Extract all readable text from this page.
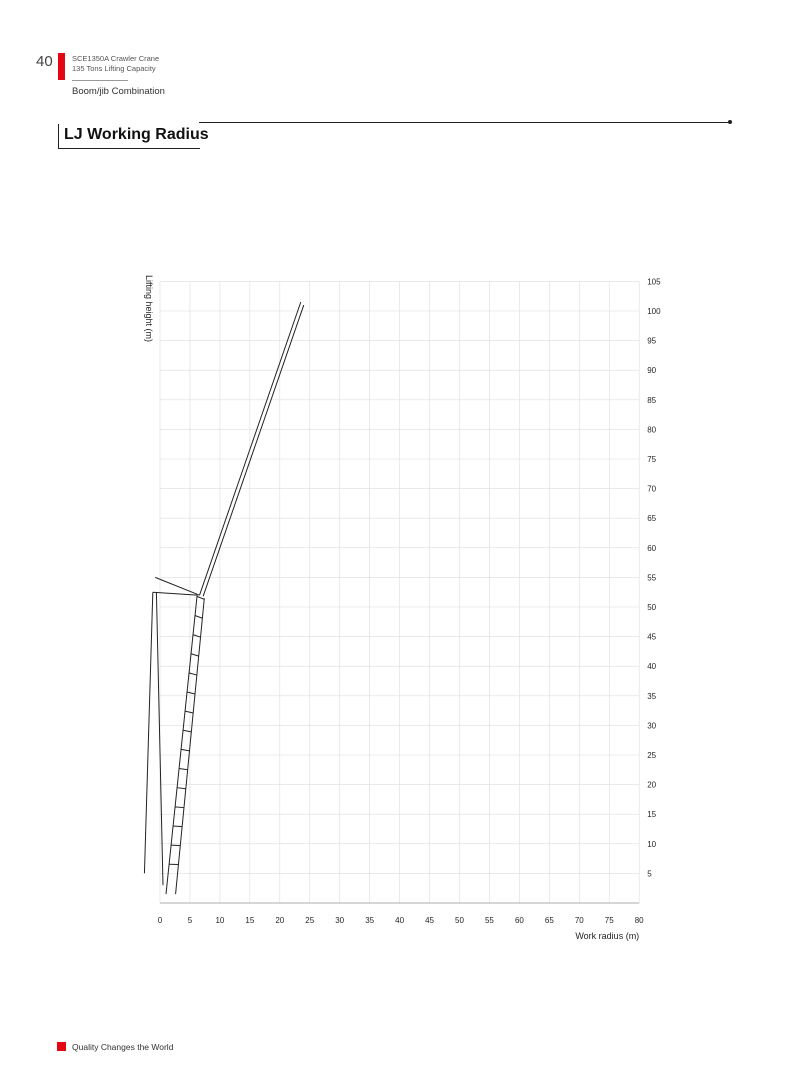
40	SCE1350A Crawler Crane
135 Tons Lifting Capacity
Boom/jib Combination
LJ Working Radius
0	5	10	15	20	25	30	35	40	45	50	55	60	65	70	75	80
5
10
15
20
25
30
35
40
45
50
55
60
65
70
75
80
85
90
95
100
105
Work radius (m)
Lifting height (m)
Quality Changes the World
